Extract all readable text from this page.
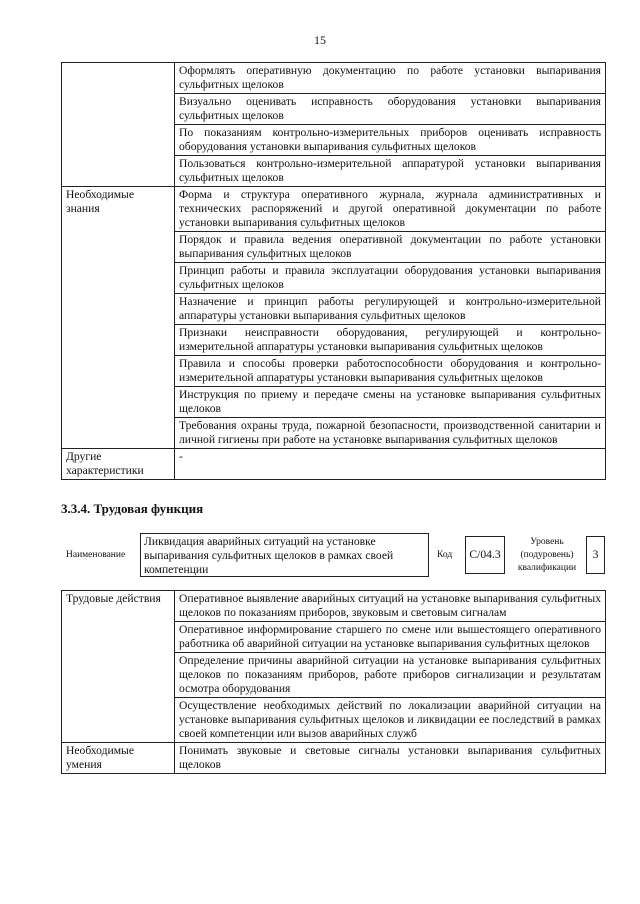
15
	Оформлять оперативную документацию по работе установки выпаривания сульфитных щелоков
	Визуально оценивать исправность оборудования установки выпаривания сульфитных щелоков
	По показаниям контрольно-измерительных приборов оценивать исправность оборудования установки выпаривания сульфитных щелоков
	Пользоваться контрольно-измерительной аппаратурой установки выпаривания сульфитных щелоков
Необходимые знания	Форма и структура оперативного журнала, журнала административных и технических распоряжений и другой оперативной документации по работе установки выпаривания сульфитных щелоков
	Порядок и правила ведения оперативной документации по работе установки выпаривания сульфитных щелоков
	Принцип работы и правила эксплуатации оборудования установки выпаривания сульфитных щелоков
	Назначение и принцип работы регулирующей и контрольно-измерительной аппаратуры установки выпаривания сульфитных щелоков
	Признаки неисправности оборудования, регулирующей и контрольно-измерительной аппаратуры установки выпаривания сульфитных щелоков
	Правила и способы проверки работоспособности оборудования и контрольно-измерительной аппаратуры установки выпаривания сульфитных щелоков
	Инструкция по приему и передаче смены на установке выпаривания сульфитных щелоков
	Требования охраны труда, пожарной безопасности, производственной санитарии и личной гигиены при работе на установке выпаривания сульфитных щелоков
Другие характеристики	-
3.3.4. Трудовая функция
Наименование
Ликвидация аварийных ситуаций на установке выпаривания сульфитных щелоков в рамках своей компетенции
Код	C/04.3
Уровень
(подуровень)
квалификации
3
Трудовые действия	Оперативное выявление аварийных ситуаций на установке выпаривания сульфитных щелоков по показаниям приборов, звуковым и световым сигналам
	Оперативное информирование старшего по смене или вышестоящего оперативного работника об аварийной ситуации на установке выпаривания сульфитных щелоков
	Определение причины аварийной ситуации на установке выпаривания сульфитных щелоков по показаниям приборов, работе приборов сигнализации и результатам осмотра оборудования
	Осуществление необходимых действий по локализации аварийной ситуации на установке выпаривания сульфитных щелоков и ликвидации ее последствий в рамках своей компетенции или вызов аварийных служб
Необходимые умения	Понимать звуковые и световые сигналы установки выпаривания сульфитных щелоков
